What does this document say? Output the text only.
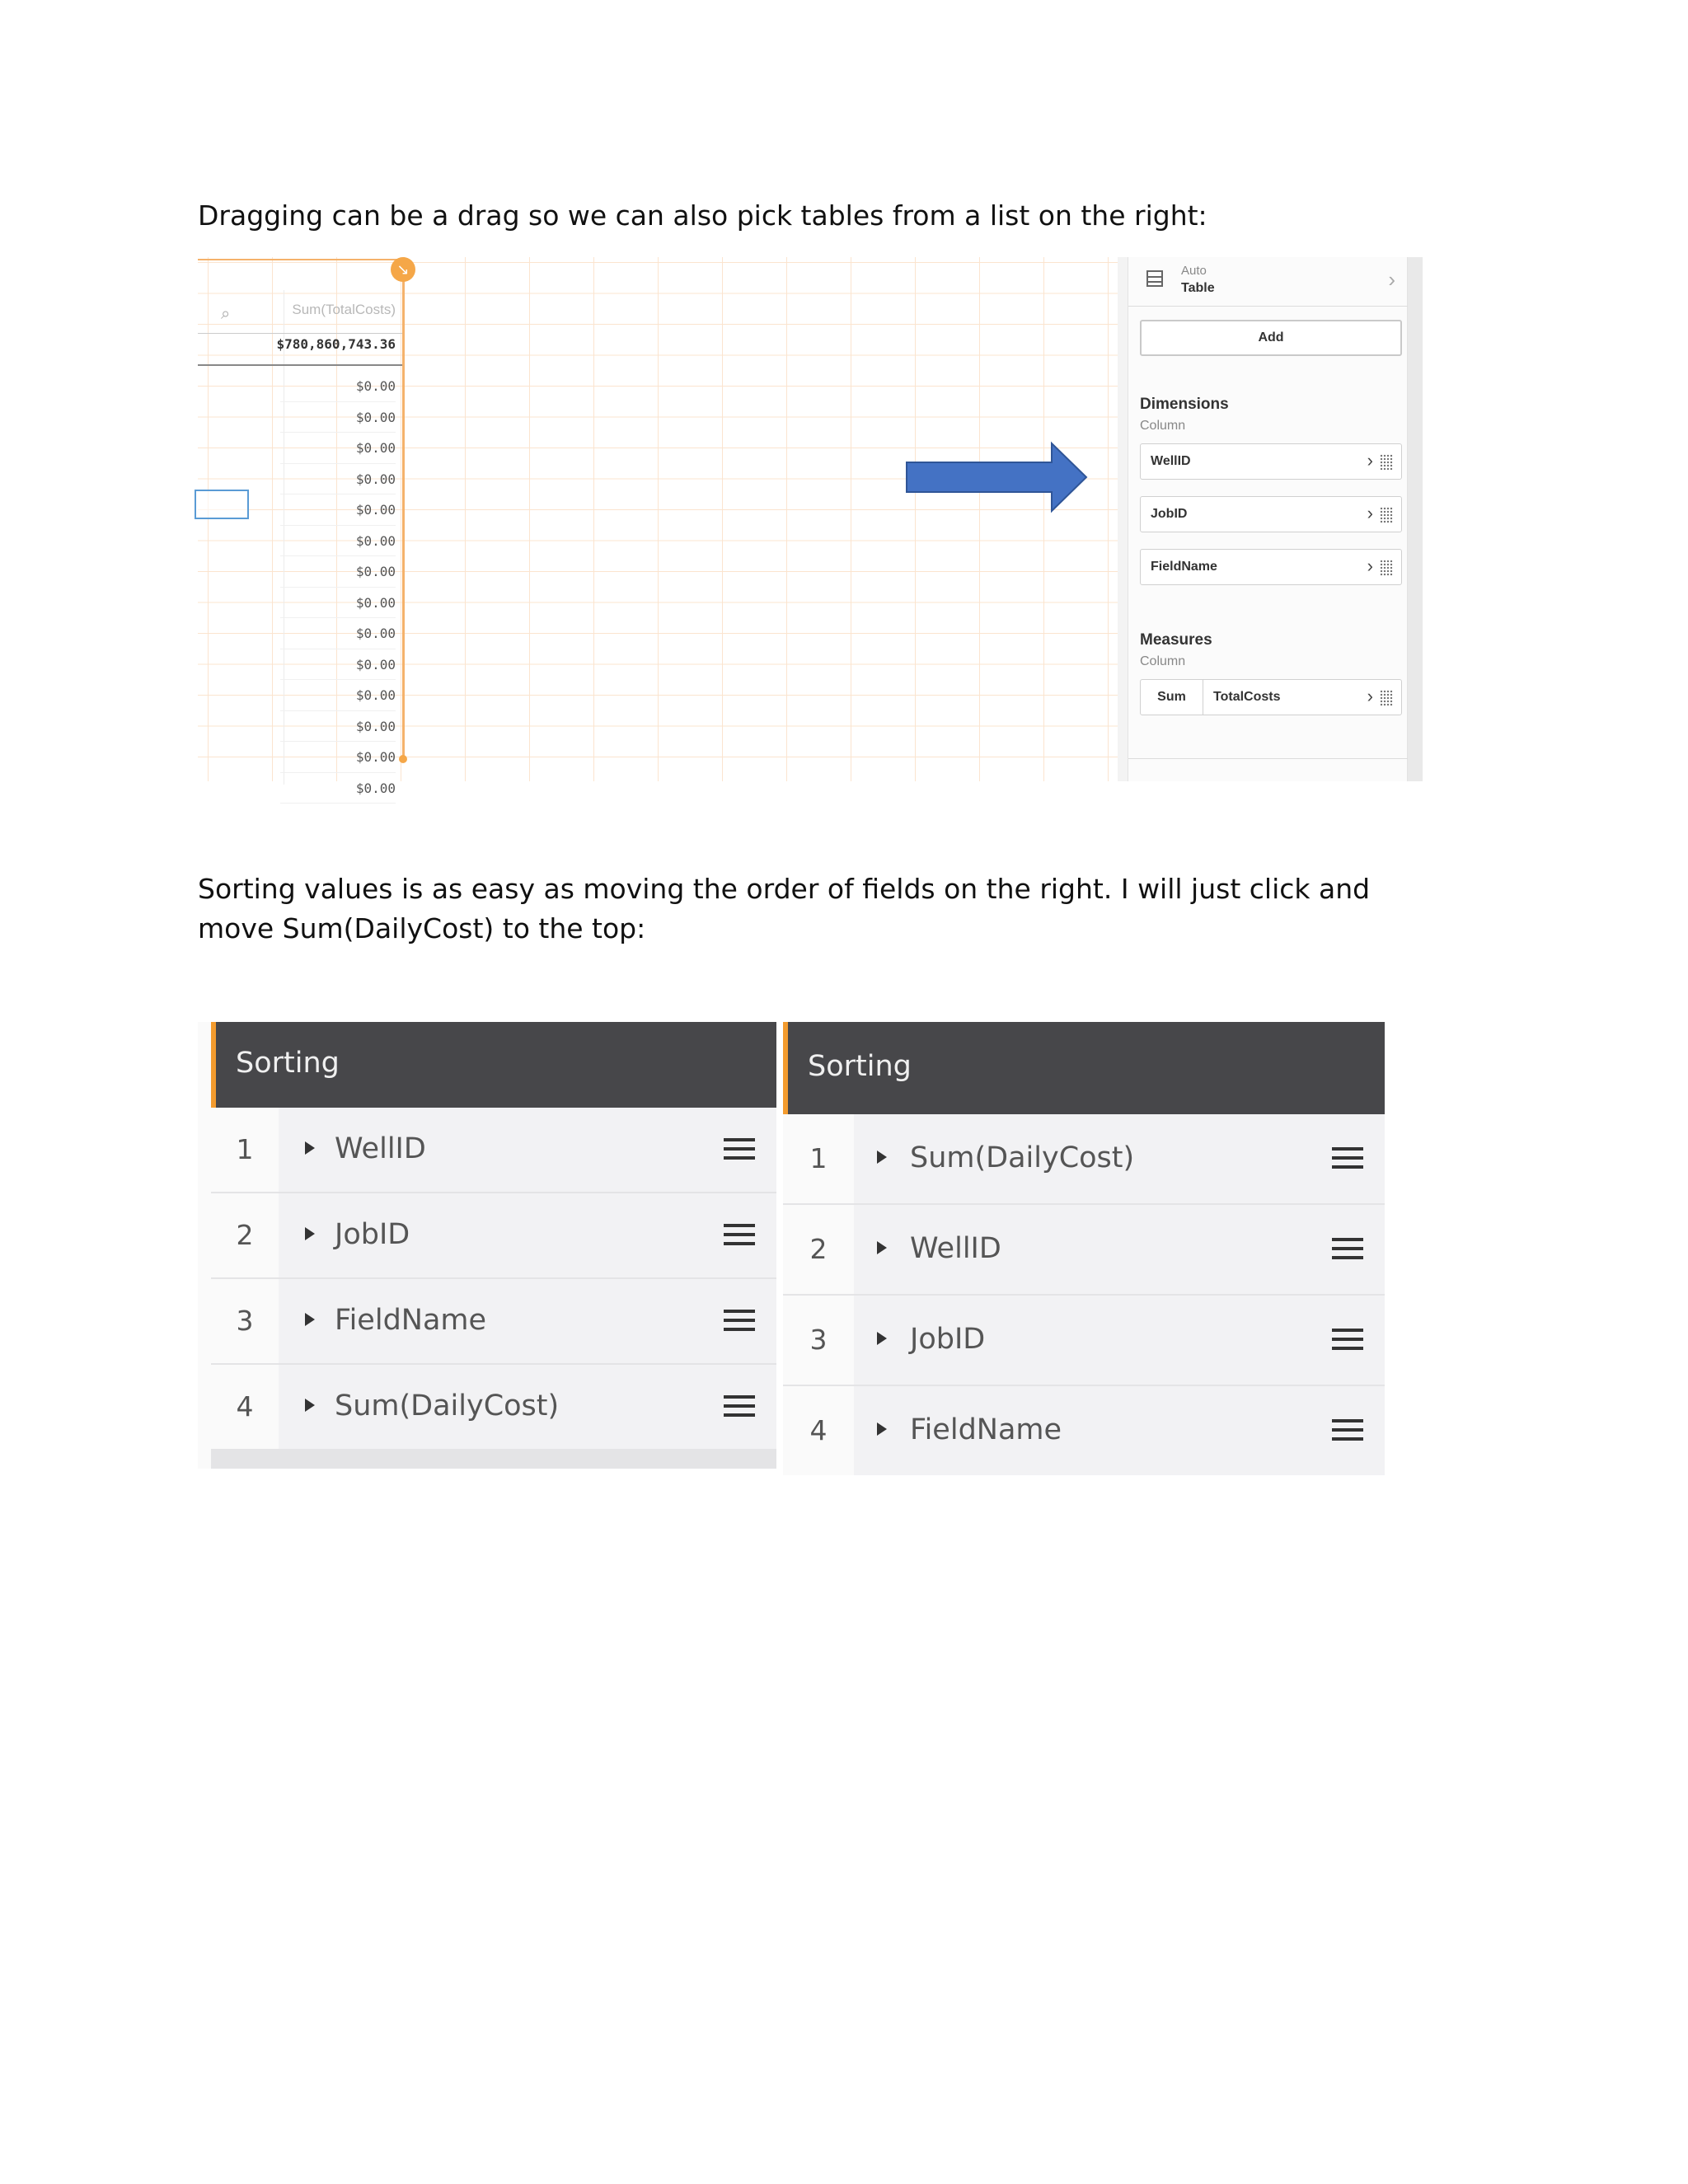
Dragging can be a drag so we can also pick tables from a list on the right:

⌕	Sum(TotalCosts)
$780,860,743.36
$0.00
$0.00
$0.00
$0.00
$0.00
$0.00
$0.00
$0.00
$0.00
$0.00
$0.00
$0.00
$0.00
$0.00
↘	Auto
Table	›
Add
Dimensions
Column
WellID	›
JobID	›
FieldName	›
Measures
Column
Sum	TotalCosts	›

Sorting values is as easy as moving the order of fields on the right. I will just click and move Sum(DailyCost) to the top:

Sorting
1	WellID
2	JobID
3	FieldName
4	Sum(DailyCost)
Sorting
1	Sum(DailyCost)
2	WellID
3	JobID
4	FieldName
